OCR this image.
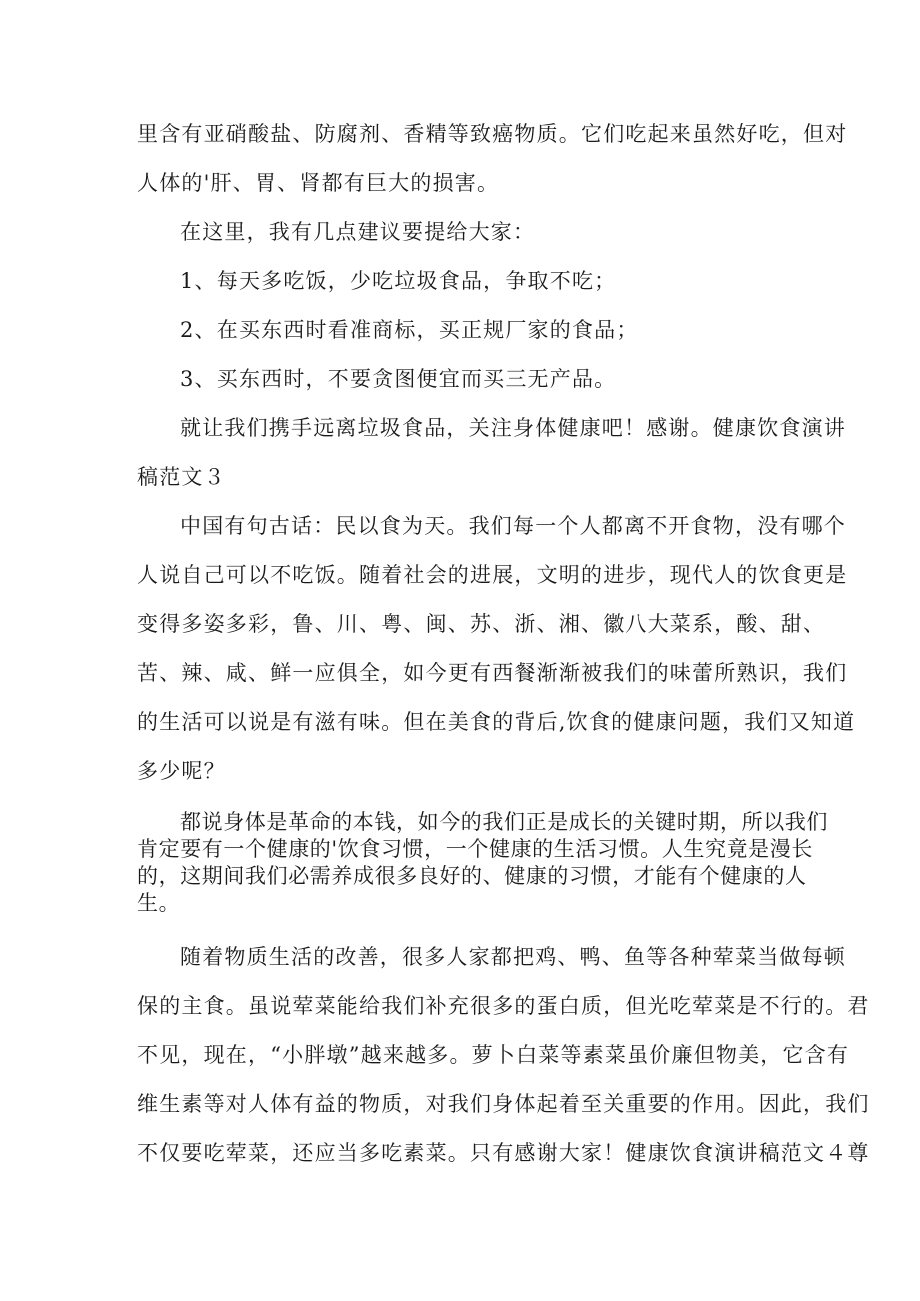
里含有亚硝酸盐、防腐剂、香精等致癌物质。它们吃起来虽然好吃，但对
人体的'肝、胃、肾都有巨大的损害。
在这里，我有几点建议要提给大家：
1、每天多吃饭，少吃垃圾食品，争取不吃；
2、在买东西时看准商标，买正规厂家的食品；
3、买东西时，不要贪图便宜而买三无产品。
就让我们携手远离垃圾食品，关注身体健康吧！感谢。健康饮食演讲
稿范文３
中国有句古话：民以食为天。我们每一个人都离不开食物，没有哪个
人说自己可以不吃饭。随着社会的进展，文明的进步，现代人的饮食更是
变得多姿多彩，鲁、川、粤、闽、苏、浙、湘、徽八大菜系，酸、甜、
苦、辣、咸、鲜一应俱全，如今更有西餐渐渐被我们的味蕾所熟识，我们
的生活可以说是有滋有味。但在美食的背后,饮食的健康问题，我们又知道
多少呢？
都说身体是革命的本钱，如今的我们正是成长的关键时期，所以我们
肯定要有一个健康的'饮食习惯，一个健康的生活习惯。人生究竟是漫长
的，这期间我们必需养成很多良好的、健康的习惯，才能有个健康的人
生。
随着物质生活的改善，很多人家都把鸡、鸭、鱼等各种荤菜当做每顿
保的主食。虽说荤菜能给我们补充很多的蛋白质，但光吃荤菜是不行的。君
不见，现在，“小胖墩”越来越多。萝卜白菜等素菜虽价廉但物美，它含有
维生素等对人体有益的物质，对我们身体起着至关重要的作用。因此，我们
不仅要吃荤菜，还应当多吃素菜。只有感谢大家！健康饮食演讲稿范文４尊
